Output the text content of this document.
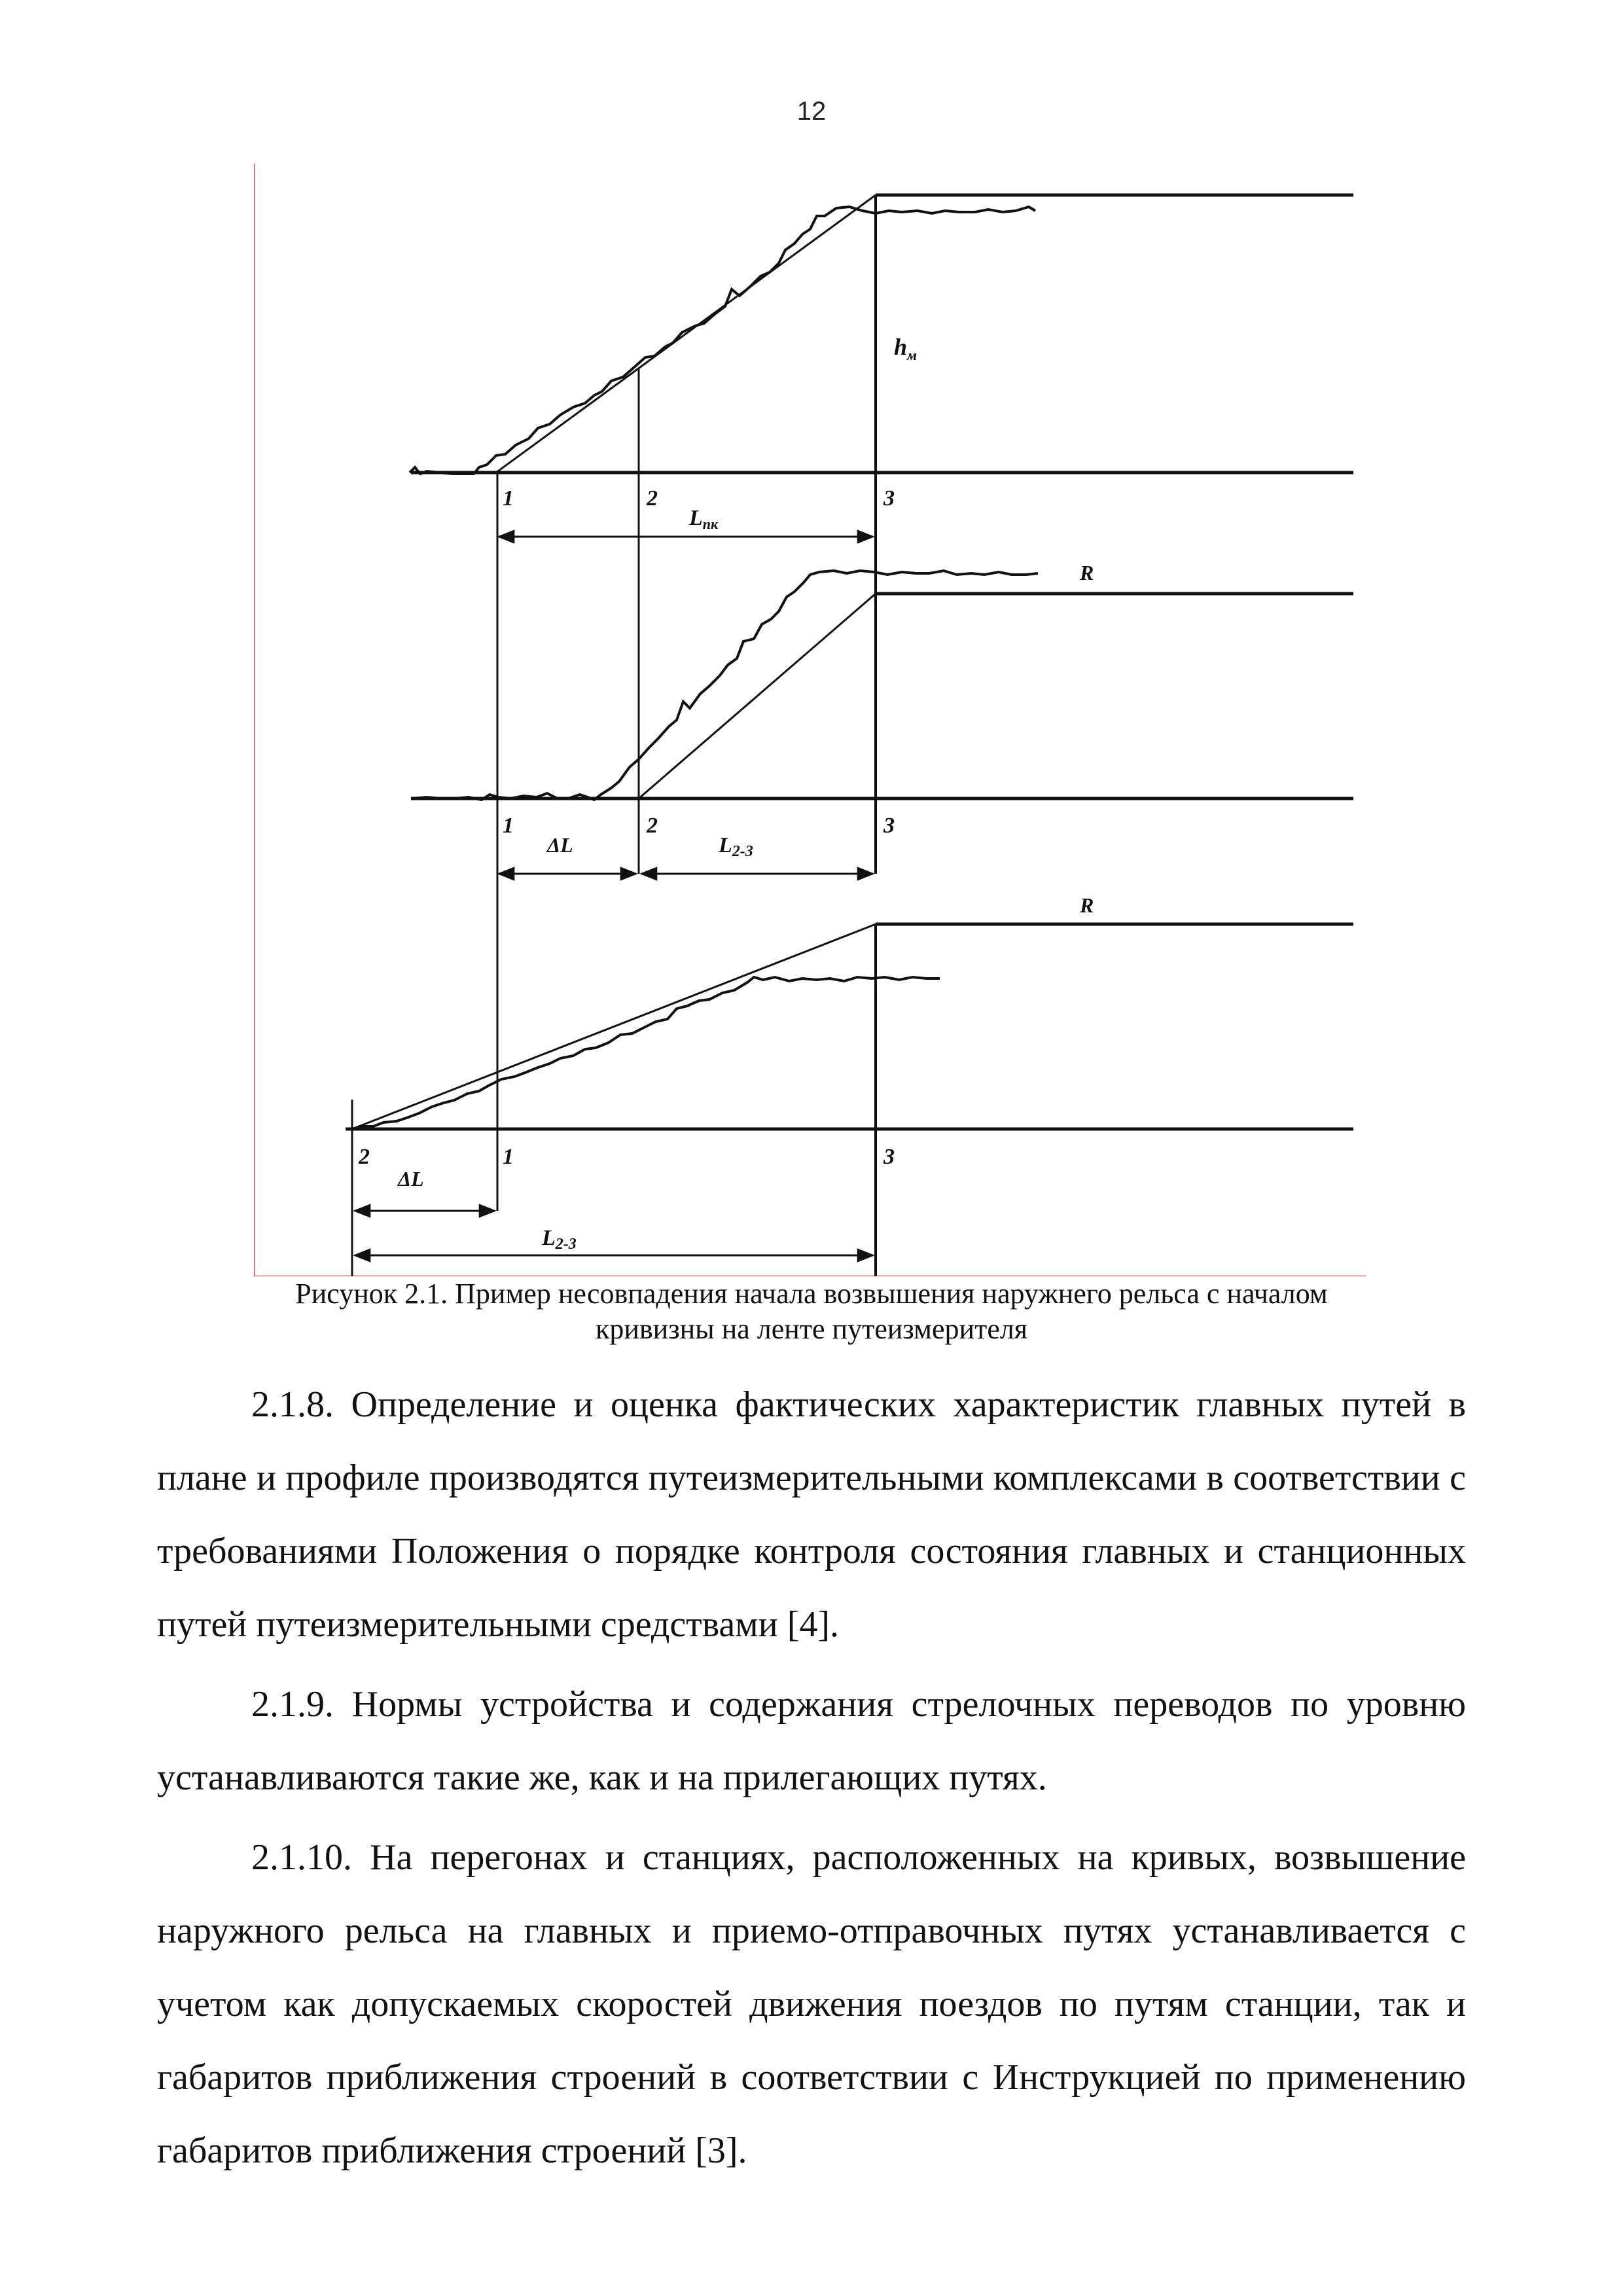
12
$h_м$
1	2	3
Lпк
R
1	2	3
ΔL	L2-3
R
2	1	3
ΔL
L2-3
Рисунок 2.1. Пример несовпадения начала возвышения наружнего рельса с началом
кривизны на ленте путеизмерителя

2.1.8. Определение и оценка фактических характеристик главных путей в плане и профиле производятся путеизмерительными комплексами в соответствии с требованиями Положения о порядке контроля состояния главных и станционных путей путеизмерительными средствами [4].

2.1.9. Нормы устройства и содержания стрелочных переводов по уровню устанавливаются такие же, как и на прилегающих путях.

2.1.10. На перегонах и станциях, расположенных на кривых, возвышение наружного рельса на главных и приемо-отправочных путях устанавливается с учетом как допускаемых скоростей движения поездов по путям станции, так и габаритов приближения строений в соответствии с Инструкцией по применению габаритов приближения строений [3].
